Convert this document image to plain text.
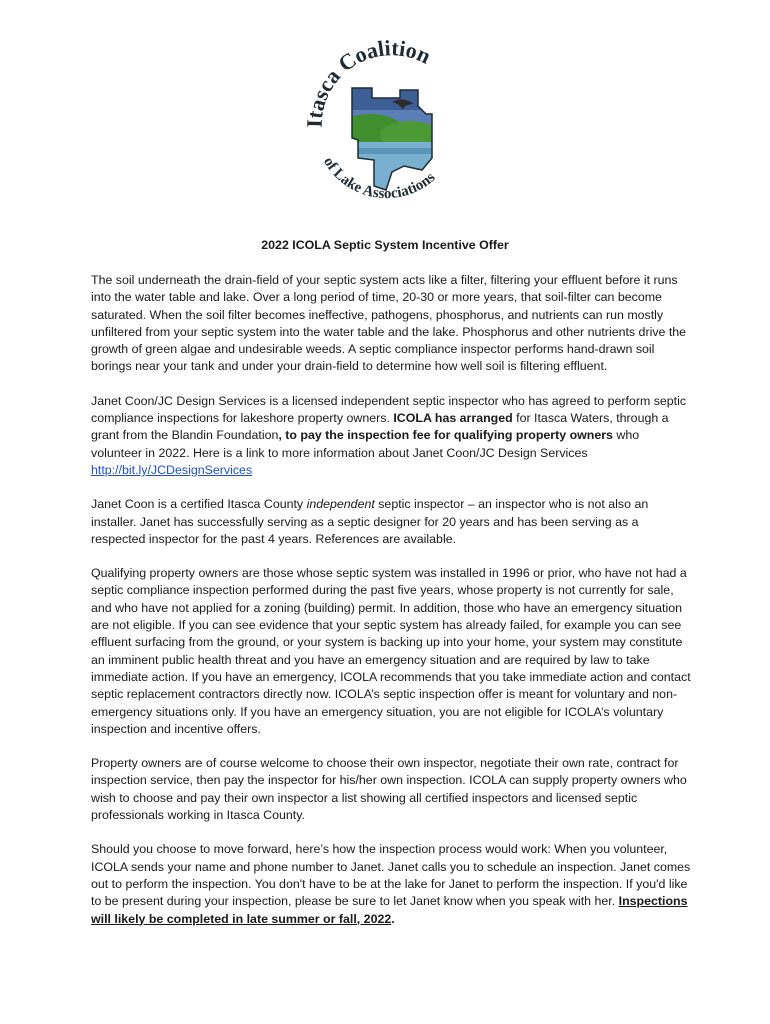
Itasca Coalition
of Lake Associations
2022 ICOLA Septic System Incentive Offer

The soil underneath the drain-field of your septic system acts like a filter, filtering your effluent before it runs into the water table and lake. Over a long period of time, 20-30 or more years, that soil-filter can become saturated. When the soil filter becomes ineffective, pathogens, phosphorus, and nutrients can run mostly unfiltered from your septic system into the water table and the lake. Phosphorus and other nutrients drive the growth of green algae and undesirable weeds. A septic compliance inspector performs hand-drawn soil borings near your tank and under your drain-field to determine how well soil is filtering effluent.

Janet Coon/JC Design Services is a licensed independent septic inspector who has agreed to perform septic compliance inspections for lakeshore property owners. ICOLA has arranged for Itasca Waters, through a grant from the Blandin Foundation, to pay the inspection fee for qualifying property owners who volunteer in 2022. Here is a link to more information about Janet Coon/JC Design Services
http://bit.ly/JCDesignServices

Janet Coon is a certified Itasca County independent septic inspector – an inspector who is not also an installer. Janet has successfully serving as a septic designer for 20 years and has been serving as a respected inspector for the past 4 years. References are available.

Qualifying property owners are those whose septic system was installed in 1996 or prior, who have not had a septic compliance inspection performed during the past five years, whose property is not currently for sale, and who have not applied for a zoning (building) permit. In addition, those who have an emergency situation are not eligible. If you can see evidence that your septic system has already failed, for example you can see effluent surfacing from the ground, or your system is backing up into your home, your system may constitute an imminent public health threat and you have an emergency situation and are required by law to take immediate action. If you have an emergency, ICOLA recommends that you take immediate action and contact septic replacement contractors directly now. ICOLA’s septic inspection offer is meant for voluntary and non-emergency situations only. If you have an emergency situation, you are not eligible for ICOLA’s voluntary inspection and incentive offers.

Property owners are of course welcome to choose their own inspector, negotiate their own rate, contract for inspection service, then pay the inspector for his/her own inspection. ICOLA can supply property owners who wish to choose and pay their own inspector a list showing all certified inspectors and licensed septic professionals working in Itasca County.

Should you choose to move forward, here’s how the inspection process would work: When you volunteer, ICOLA sends your name and phone number to Janet. Janet calls you to schedule an inspection. Janet comes out to perform the inspection. You don't have to be at the lake for Janet to perform the inspection. If you'd like to be present during your inspection, please be sure to let Janet know when you speak with her. Inspections will likely be completed in late summer or fall, 2022.
